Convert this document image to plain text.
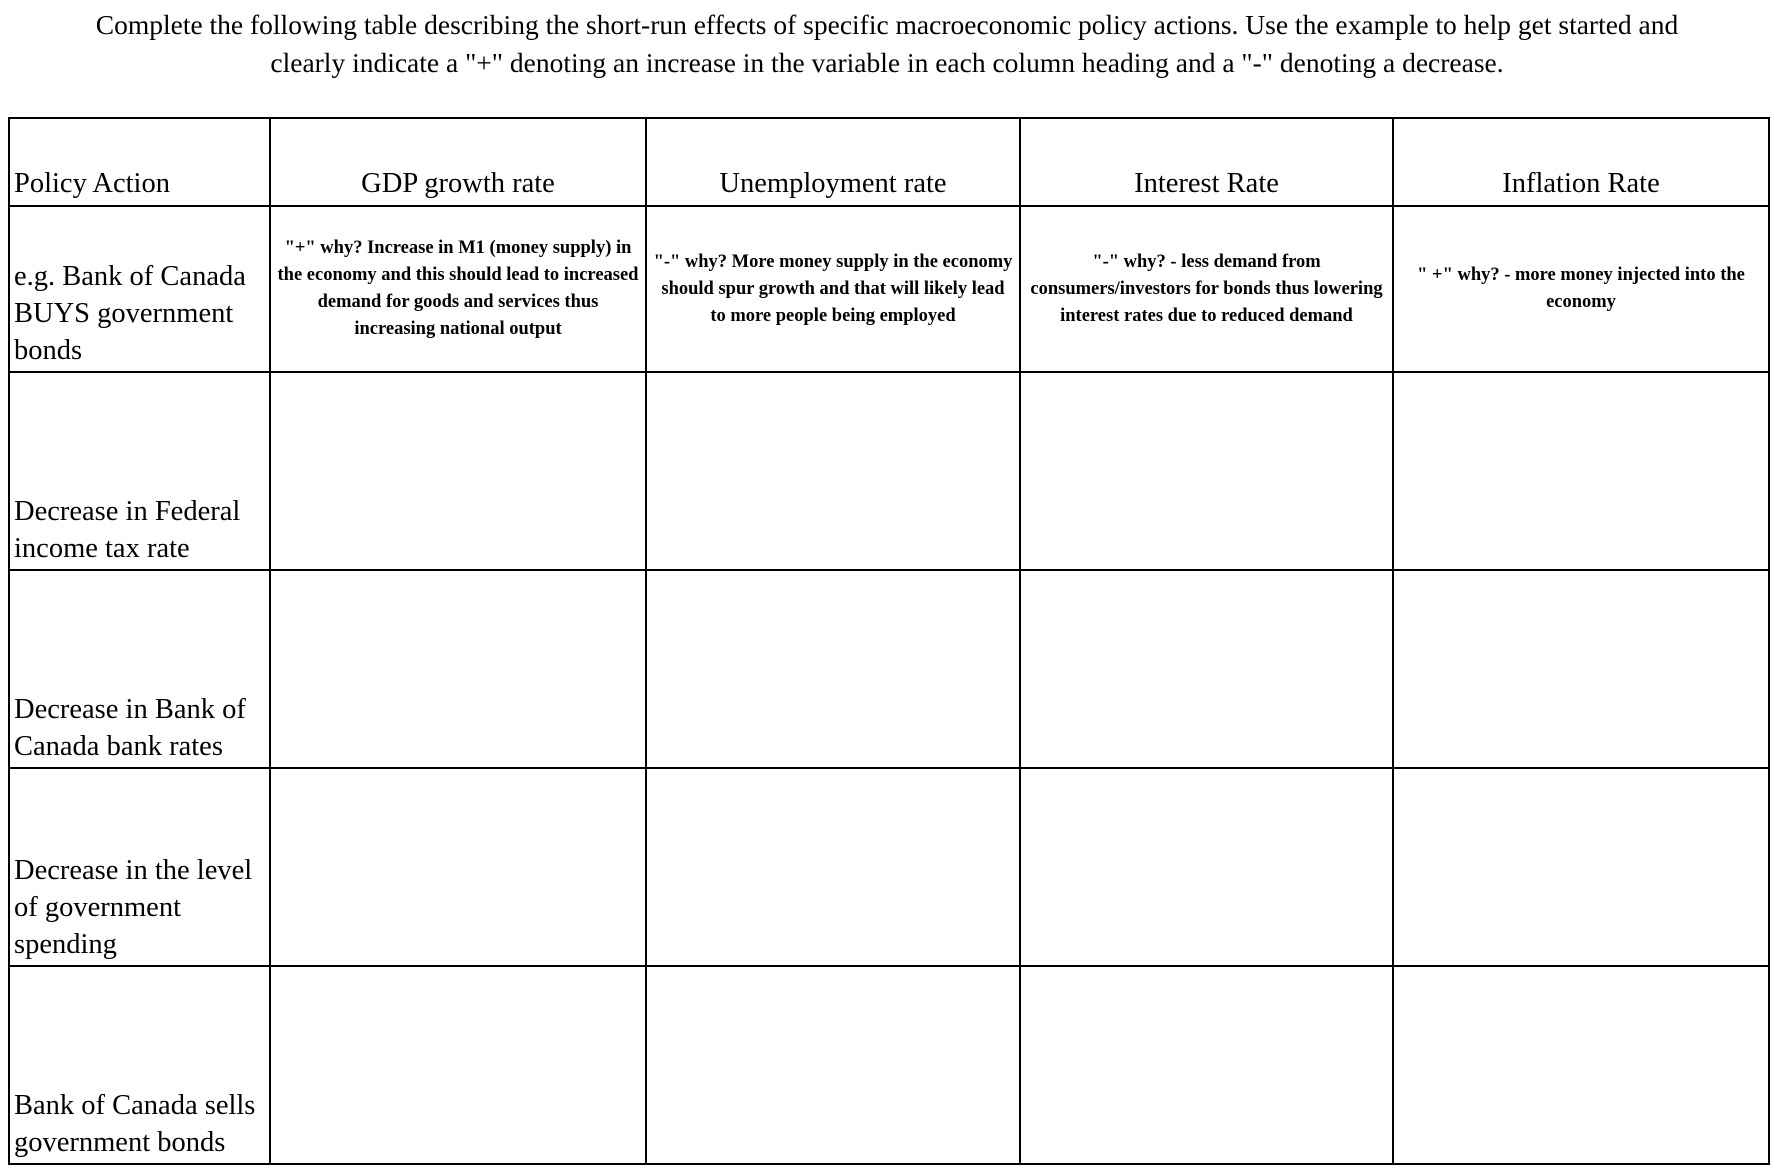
Complete the following table describing the short-run effects of specific macroeconomic policy actions. Use the example to help get started and
clearly indicate a "+" denoting an increase in the variable in each column heading and a "-" denoting a decrease.
Policy Action	GDP growth rate	Unemployment rate	Interest Rate	Inflation Rate
e.g. Bank of Canada BUYS government bonds	"+" why? Increase in M1 (money supply) in the economy and this should lead to increased demand for goods and services thus increasing national output	"-" why? More money supply in the economy should spur growth and that will likely lead to more people being employed	"-" why? - less demand from consumers/investors for bonds thus lowering interest rates due to reduced demand	" +" why? - more money injected into the economy
Decrease in Federal income tax rate				
Decrease in Bank of Canada bank rates				
Decrease in the level of government spending				
Bank of Canada sells government bonds				
